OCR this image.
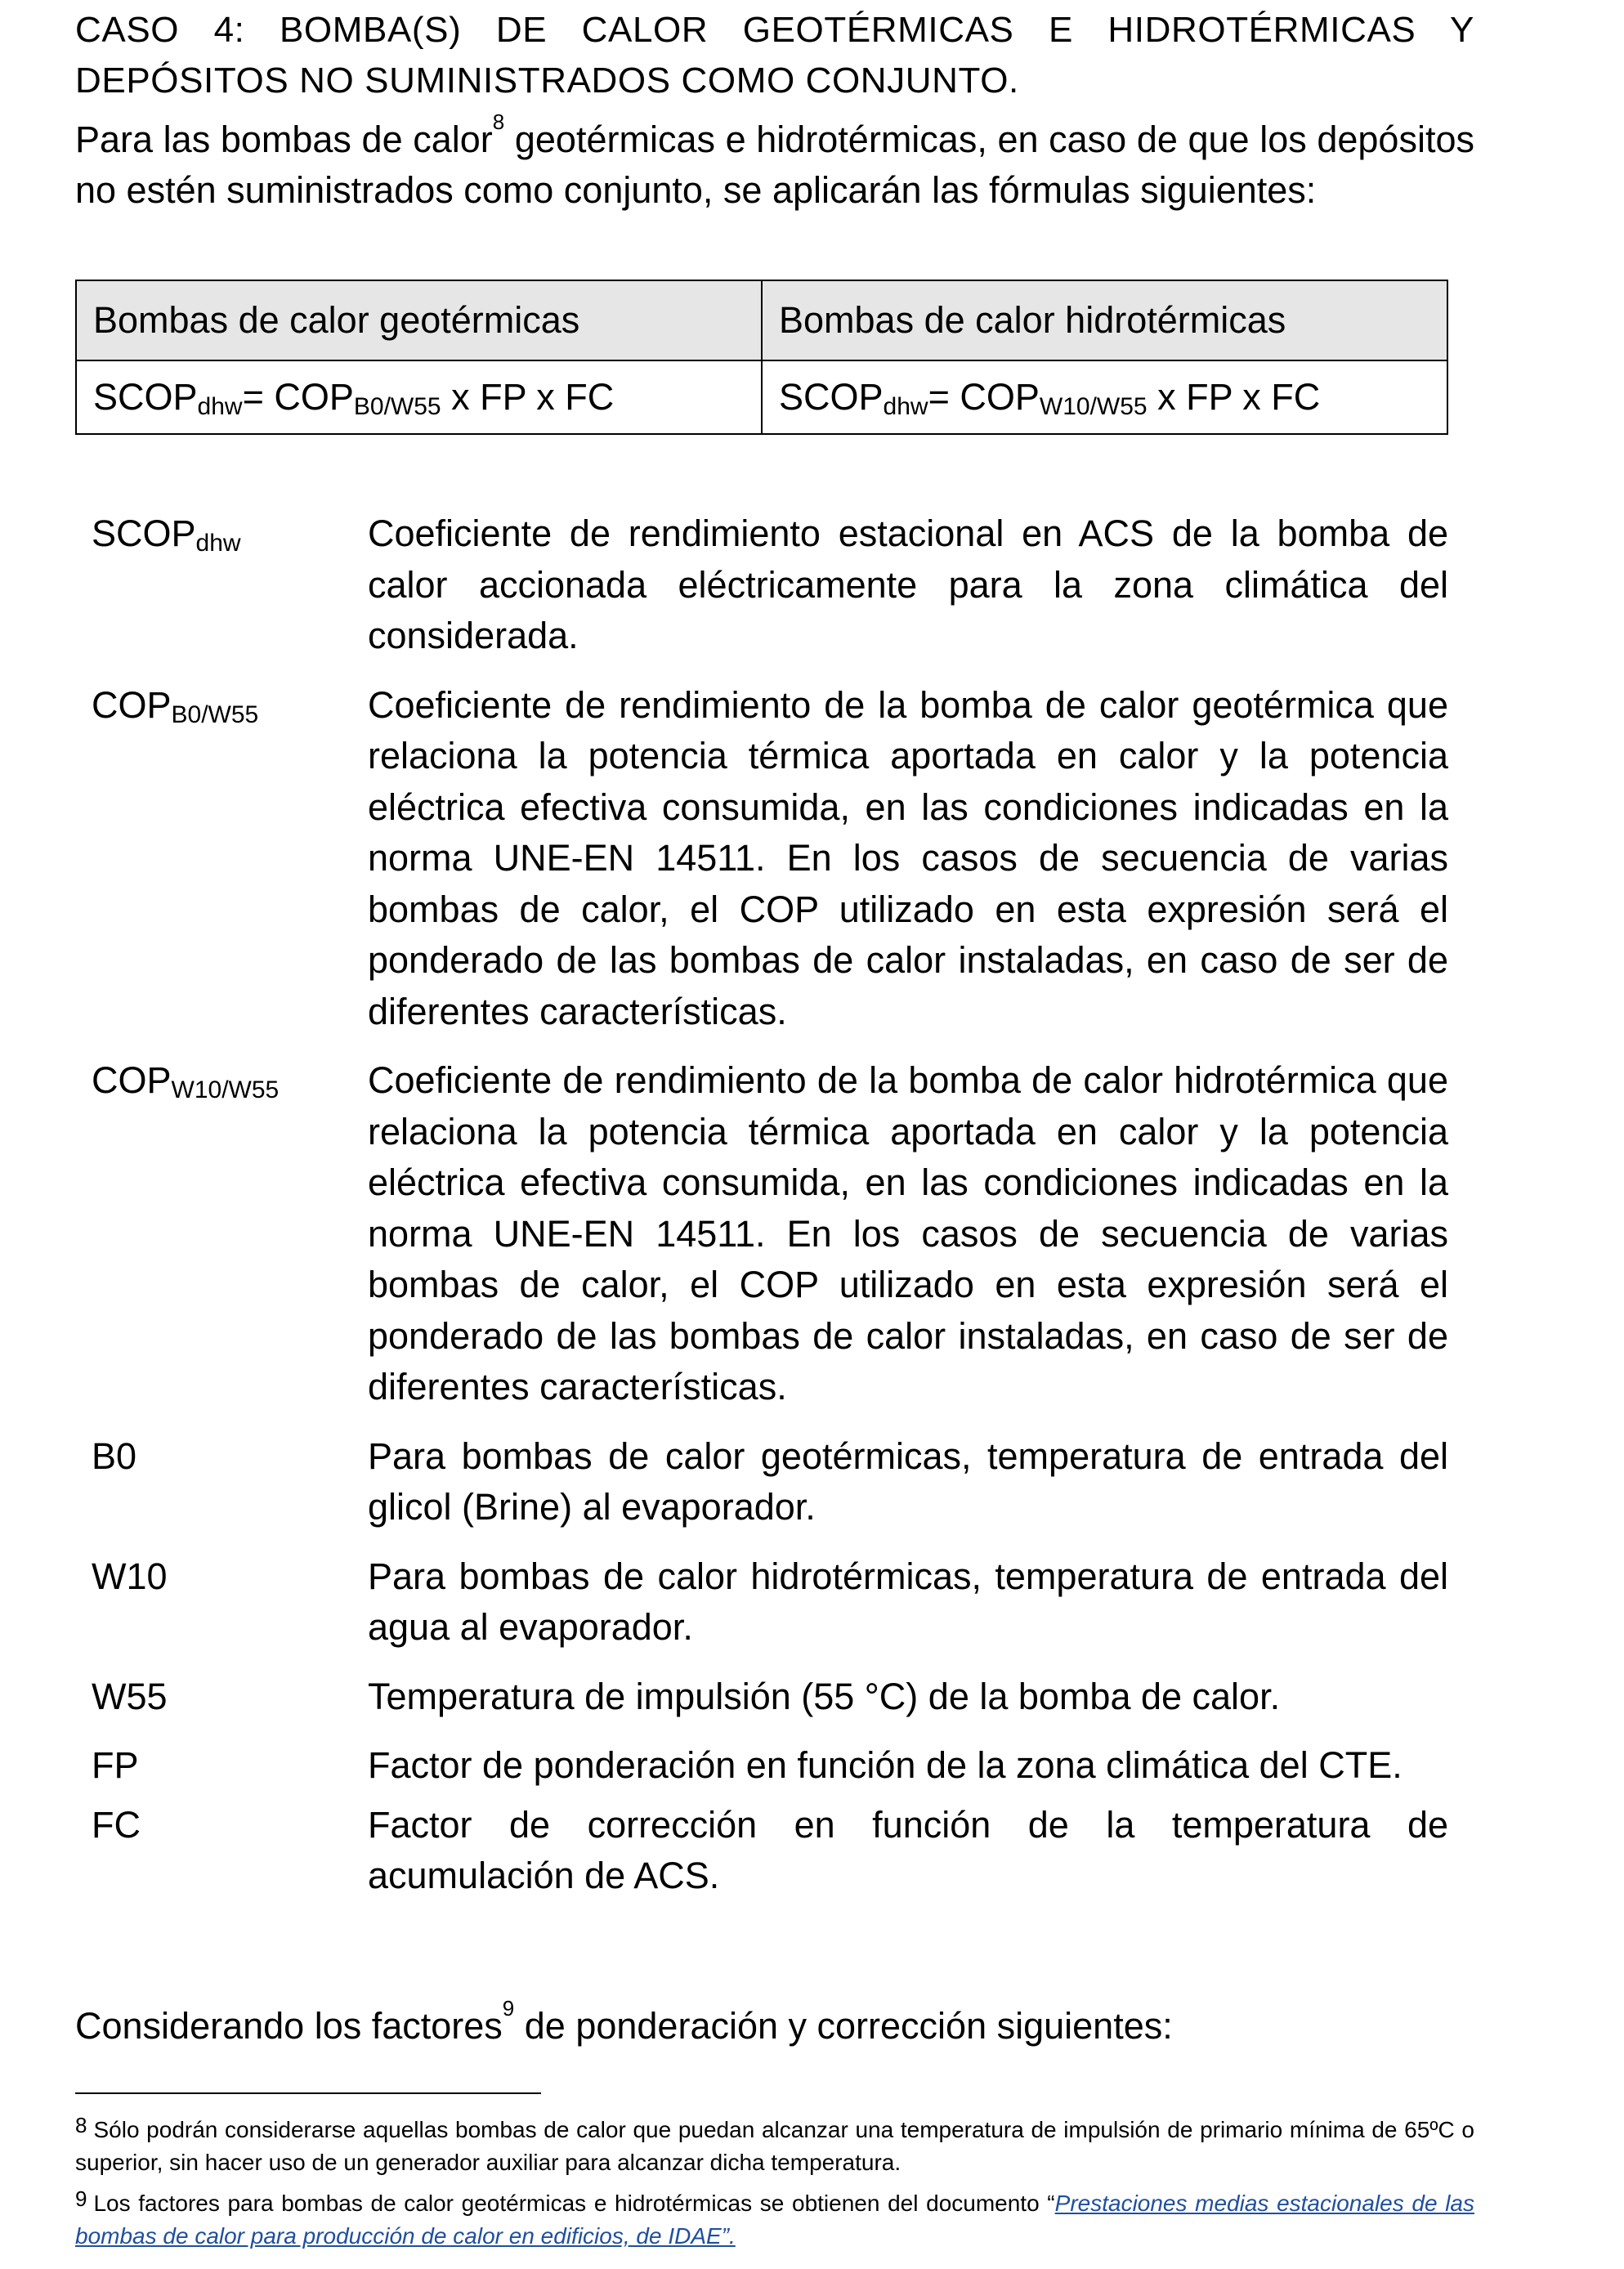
CASO 4: BOMBA(S) DE CALOR GEOTÉRMICAS E HIDROTÉRMICAS Y DEPÓSITOS NO SUMINISTRADOS COMO CONJUNTO.
Para las bombas de calor$^8$ geotérmicas e hidrotérmicas, en caso de que los depósitos no estén suministrados como conjunto, se aplicarán las fórmulas siguientes:
Bombas de calor geotérmicas	Bombas de calor hidrotérmicas
$SCOP_{dhw}= COP_{B0/W55}$ x FP x FC	$SCOP_{dhw}= COP_{W10/W55}$ x FP x FC
$SCOP_{dhw}$	Coeficiente de rendimiento estacional en ACS de la bomba de calor accionada eléctricamente para la zona climática del considerada.
$COP_{B0/W55}$	Coeficiente de rendimiento de la bomba de calor geotérmica que relaciona la potencia térmica aportada en calor y la potencia eléctrica efectiva consumida, en las condiciones indicadas en la norma UNE-EN 14511. En los casos de secuencia de varias bombas de calor, el COP utilizado en esta expresión será el ponderado de las bombas de calor instaladas, en caso de ser de diferentes características.
$COP_{W10/W55}$	Coeficiente de rendimiento de la bomba de calor hidrotérmica que relaciona la potencia térmica aportada en calor y la potencia eléctrica efectiva consumida, en las condiciones indicadas en la norma UNE-EN 14511. En los casos de secuencia de varias bombas de calor, el COP utilizado en esta expresión será el ponderado de las bombas de calor instaladas, en caso de ser de diferentes características.
B0	Para bombas de calor geotérmicas, temperatura de entrada del glicol (Brine) al evaporador.
W10	Para bombas de calor hidrotérmicas, temperatura de entrada del agua al evaporador.
W55	Temperatura de impulsión (55 °C) de la bomba de calor.
FP	Factor de ponderación en función de la zona climática del CTE.
FC	Factor de corrección en función de la temperatura de acumulación de ACS.
Considerando los factores$^9$ de ponderación y corrección siguientes:
8 Sólo podrán considerarse aquellas bombas de calor que puedan alcanzar una temperatura de impulsión de primario mínima de 65ºC o superior, sin hacer uso de un generador auxiliar para alcanzar dicha temperatura.
9 Los factores para bombas de calor geotérmicas e hidrotérmicas se obtienen del documento “Prestaciones medias estacionales de las bombas de calor para producción de calor en edificios, de IDAE”.
